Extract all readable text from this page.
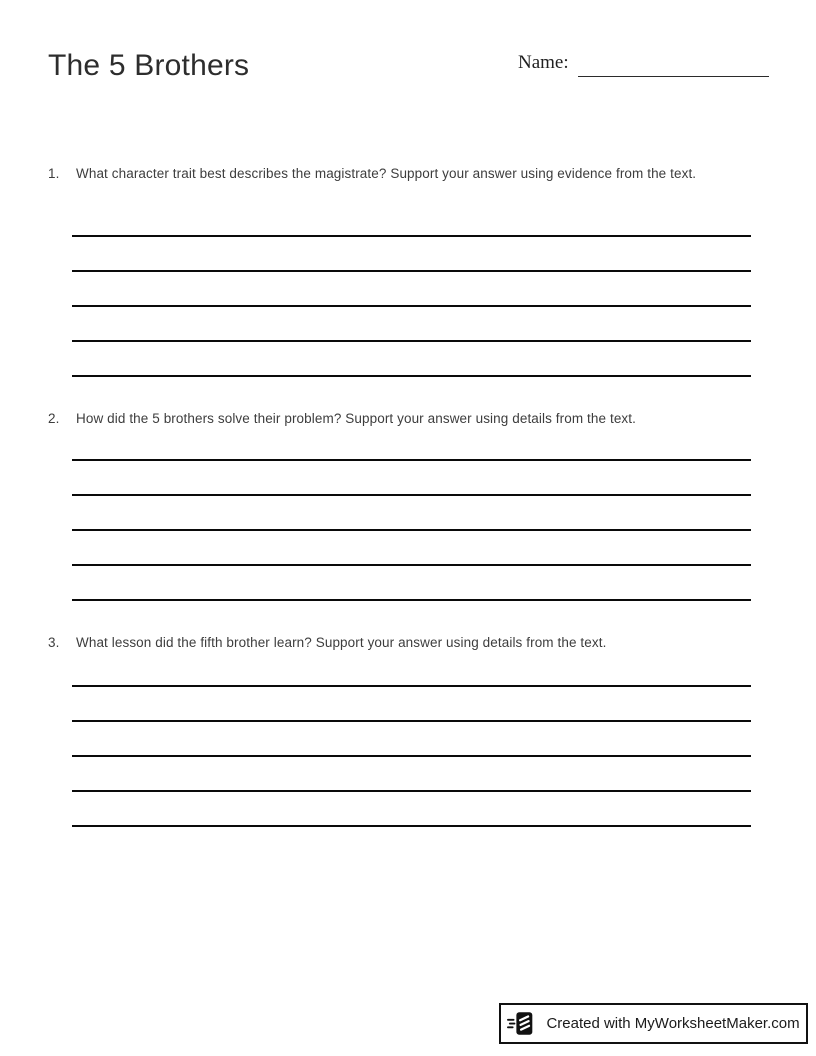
The 5 Brothers	Name:
1.	What character trait best describes the magistrate? Support your answer using evidence from the text.
2.	How did the 5 brothers solve their problem? Support your answer using details from the text.
3.	What lesson did the fifth brother learn? Support your answer using details from the text.
Created with MyWorksheetMaker.com
